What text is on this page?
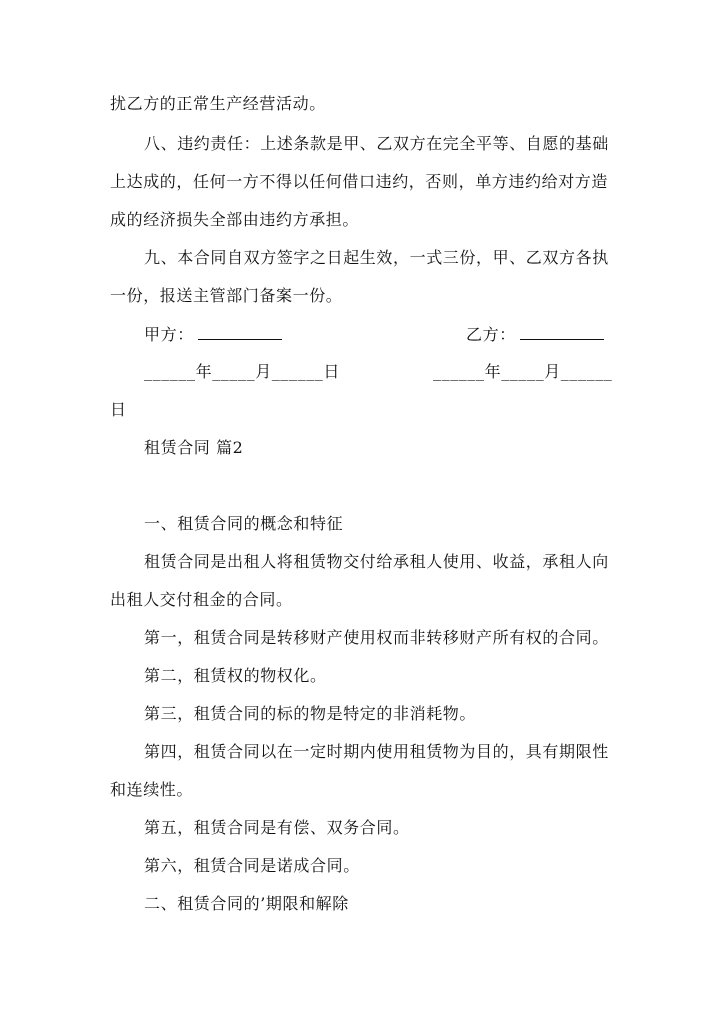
扰乙方的正常生产经营活动。
八、违约责任：上述条款是甲、乙双方在完全平等、自愿的基础
上达成的，任何一方不得以任何借口违约，否则，单方违约给对方造
成的经济损失全部由违约方承担。
九、本合同自双方签字之日起生效，一式三份，甲、乙双方各执
一份，报送主管部门备案一份。
甲方：	乙方：
______年_____月______日	______年_____月______
日
租赁合同 篇2
一、租赁合同的概念和特征
租赁合同是出租人将租赁物交付给承租人使用、收益，承租人向
出租人交付租金的合同。
第一，租赁合同是转移财产使用权而非转移财产所有权的合同。
第二，租赁权的物权化。
第三，租赁合同的标的物是特定的非消耗物。
第四，租赁合同以在一定时期内使用租赁物为目的，具有期限性
和连续性。
第五，租赁合同是有偿、双务合同。
第六，租赁合同是诺成合同。
二、租赁合同的’期限和解除
